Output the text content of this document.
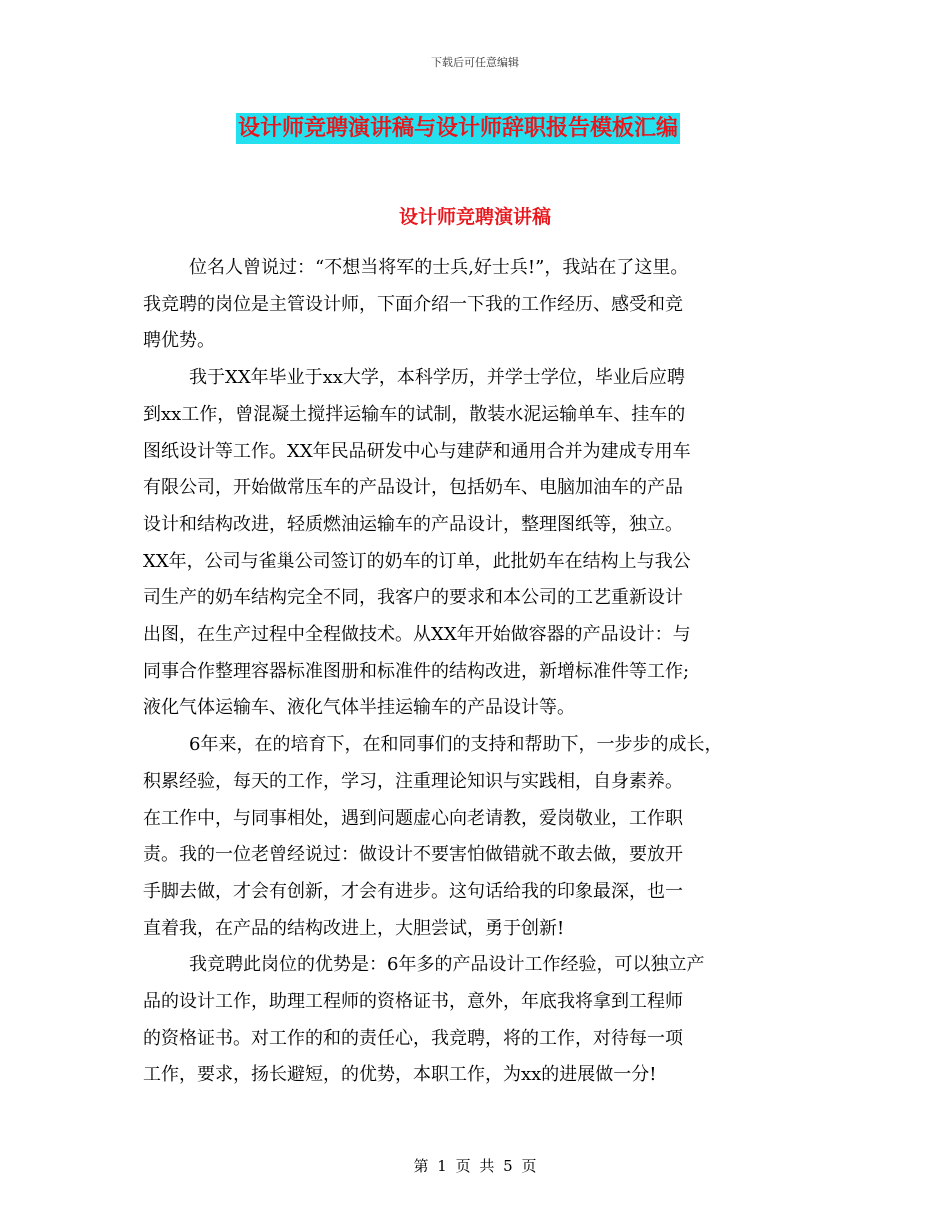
下载后可任意编辑
设计师竞聘演讲稿与设计师辞职报告模板汇编
设计师竞聘演讲稿

位名人曾说过：“不想当将军的士兵,好士兵!”，我站在了这里。

我竞聘的岗位是主管设计师，下面介绍一下我的工作经历、感受和竞

聘优势。

我于XX年毕业于xx大学，本科学历，并学士学位，毕业后应聘

到xx工作，曾混凝土搅拌运输车的试制，散装水泥运输单车、挂车的

图纸设计等工作。XX年民品研发中心与建萨和通用合并为建成专用车

有限公司，开始做常压车的产品设计，包括奶车、电脑加油车的产品

设计和结构改进，轻质燃油运输车的产品设计，整理图纸等，独立。

XX年，公司与雀巢公司签订的奶车的订单，此批奶车在结构上与我公

司生产的奶车结构完全不同，我客户的要求和本公司的工艺重新设计

出图，在生产过程中全程做技术。从XX年开始做容器的产品设计：与

同事合作整理容器标准图册和标准件的结构改进，新增标准件等工作;

液化气体运输车、液化气体半挂运输车的产品设计等。

6年来，在的培育下，在和同事们的支持和帮助下，一步步的成长，

积累经验，每天的工作，学习，注重理论知识与实践相，自身素养。

在工作中，与同事相处，遇到问题虚心向老请教，爱岗敬业，工作职

责。我的一位老曾经说过：做设计不要害怕做错就不敢去做，要放开

手脚去做，才会有创新，才会有进步。这句话给我的印象最深，也一

直着我，在产品的结构改进上，大胆尝试，勇于创新!

我竞聘此岗位的优势是：6年多的产品设计工作经验，可以独立产

品的设计工作，助理工程师的资格证书，意外，年底我将拿到工程师

的资格证书。对工作的和的责任心，我竞聘，将的工作，对待每一项

工作，要求，扬长避短，的优势，本职工作，为xx的进展做一分!

第 1 页 共 5 页
